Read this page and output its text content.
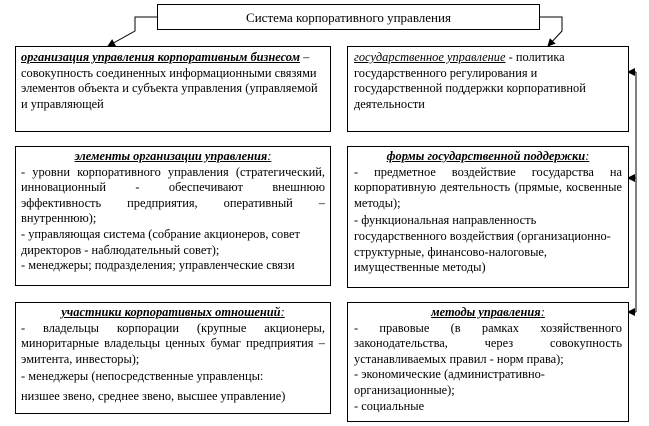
Система корпоративного управления
организация управления корпоративным бизнесом – совокупность соединенных информационными связями элементов объекта и субъекта управления (управляемой и управляющей
государственное управление - политика государственного регулирования и государственной поддержки корпоративной деятельности
элементы организации управления:
- уровни корпоративного управления (стратегический, инновационный - обеспечивают внешнюю эффективность предприятия, оперативный – внутреннюю);
- управляющая система (собрание акционеров, совет директоров - наблюдательный совет);
- менеджеры; подразделения; управленческие связи
формы государственной поддержки:
- предметное воздействие государства на корпоративную деятельность (прямые, косвенные методы);
- функциональная направленность государственного воздействия (организационно-структурные, финансово-налоговые, имущественные методы)
участники корпоративных отношений:
- владельцы корпорации (крупные акционеры, миноритарные владельцы ценных бумаг предприятия – эмитента, инвесторы);
- менеджеры (непосредственные управленцы:
низшее звено, среднее звено, высшее управление)
методы управления:
- правовые (в рамках хозяйственного законодательства, через совокупность устанавливаемых правил - норм права);
- экономические (административно-организационные);
- социальные
